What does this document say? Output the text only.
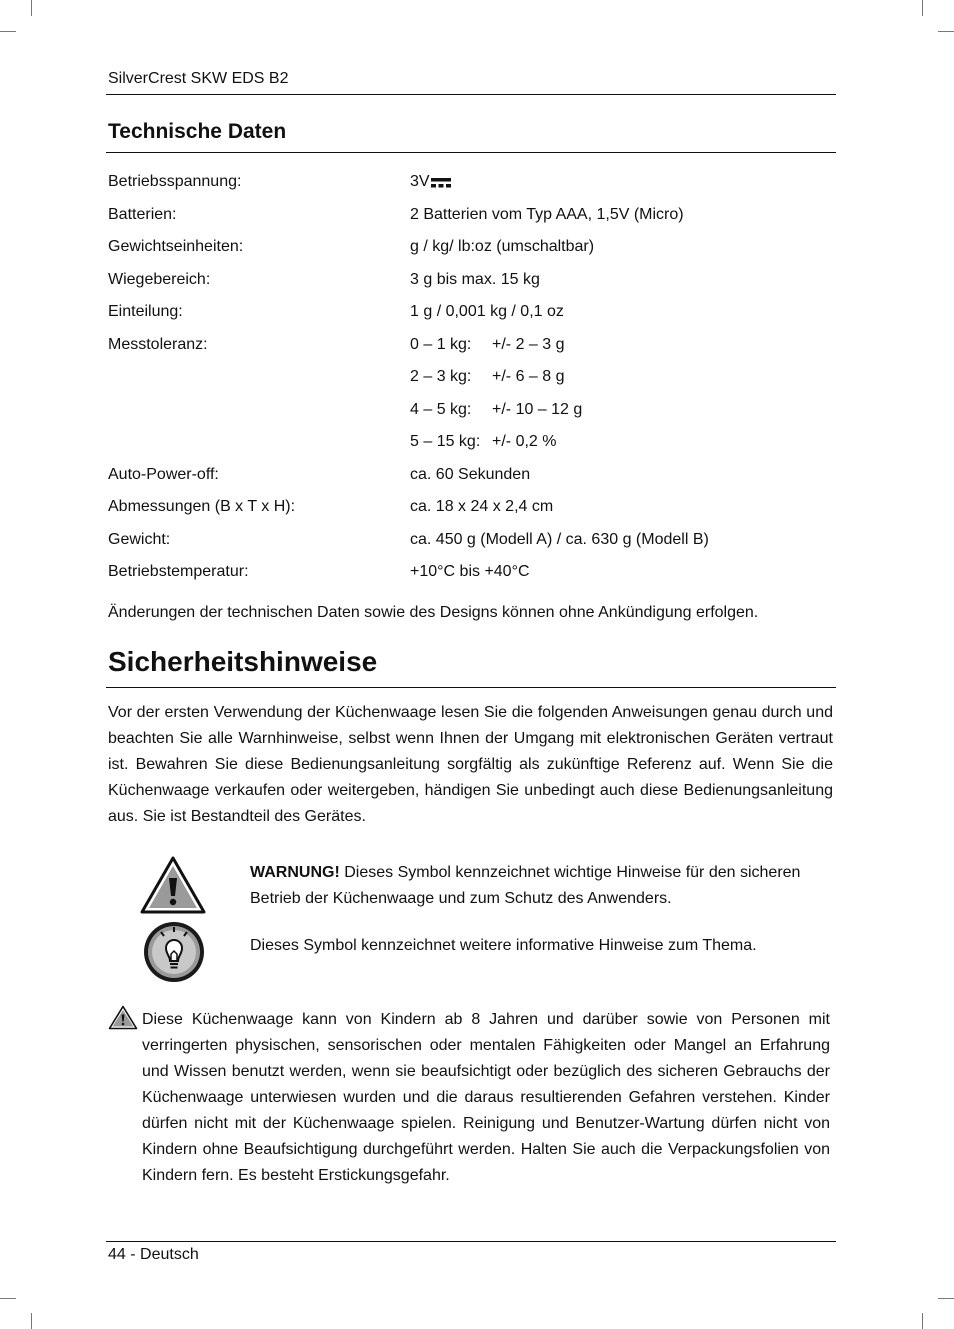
SilverCrest SKW EDS B2
Technische Daten
Betriebsspannung:	3V
Batterien:	2 Batterien vom Typ AAA, 1,5V (Micro)
Gewichtseinheiten:	g / kg/ lb:oz (umschaltbar)
Wiegebereich:	3 g bis max. 15 kg
Einteilung:	1 g / 0,001 kg / 0,1 oz
Messtoleranz:	0 – 1 kg:	+/- 2 – 3 g
2 – 3 kg:	+/- 6 – 8 g
4 – 5 kg:	+/- 10 – 12 g
5 – 15 kg: +/- 0,2 %
Auto-Power-off:	ca. 60 Sekunden
Abmessungen (B x T x H):	ca. 18 x 24 x 2,4 cm
Gewicht:	ca. 450 g (Modell A) / ca. 630 g (Modell B)
Betriebstemperatur:	+10°C bis +40°C
Änderungen der technischen Daten sowie des Designs können ohne Ankündigung erfolgen.
Sicherheitshinweise

Vor der ersten Verwendung der Küchenwaage lesen Sie die folgenden Anweisungen genau durch und beachten Sie alle Warnhinweise, selbst wenn Ihnen der Umgang mit elektronischen Geräten vertraut ist. Bewahren Sie diese Bedienungsanleitung sorgfältig als zukünftige Referenz auf. Wenn Sie die Küchenwaage verkaufen oder weitergeben, händigen Sie unbedingt auch diese Bedienungsanleitung aus. Sie ist Bestandteil des Gerätes.

WARNUNG! Dieses Symbol kennzeichnet wichtige Hinweise für den sicheren Betrieb der Küchenwaage und zum Schutz des Anwenders.

Dieses Symbol kennzeichnet weitere informative Hinweise zum Thema.

Diese Küchenwaage kann von Kindern ab 8 Jahren und darüber sowie von Personen mit verringerten physischen, sensorischen oder mentalen Fähigkeiten oder Mangel an Erfahrung und Wissen benutzt werden, wenn sie beaufsichtigt oder bezüglich des sicheren Gebrauchs der Küchenwaage unterwiesen wurden und die daraus resultierenden Gefahren verstehen. Kinder dürfen nicht mit der Küchenwaage spielen. Reinigung und Benutzer-Wartung dürfen nicht von Kindern ohne Beaufsichtigung durchgeführt werden. Halten Sie auch die Verpackungsfolien von Kindern fern. Es besteht Erstickungsgefahr.

44 - Deutsch
